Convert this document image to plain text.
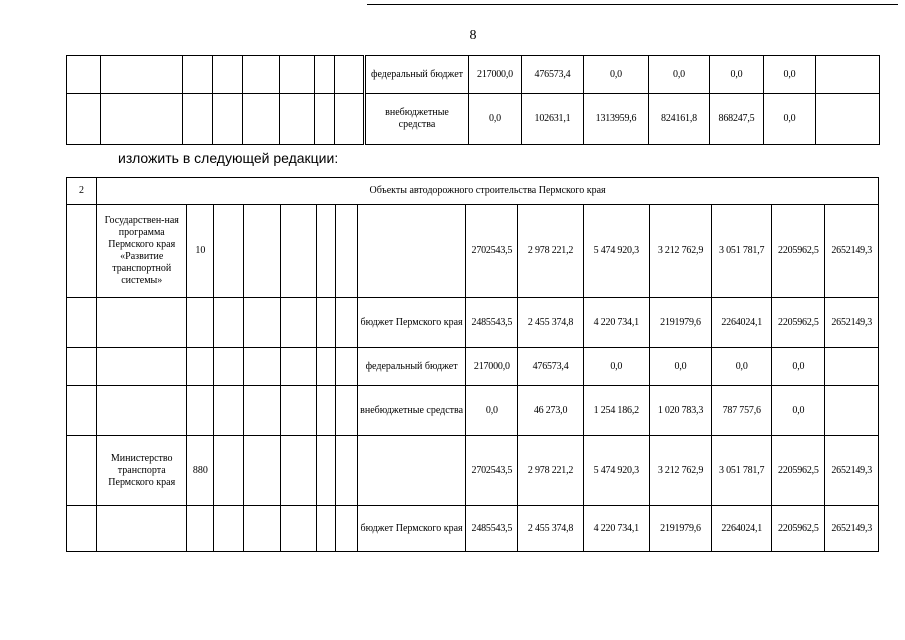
8
								федеральный бюджет	217000,0	476573,4	0,0	0,0	0,0	0,0	
								внебюджетные средства	0,0	102631,1	1313959,6	824161,8	868247,5	0,0	
изложить в следующей редакции:
2	Объекты автодорожного строительства Пермского края														
	Государствен-ная программа Пермского края «Развитие транспортной системы»	10							2702543,5	2 978 221,2	5 474 920,3	3 212 762,9	3 051 781,7	2205962,5	2652149,3
								бюджет Пермского края	2485543,5	2 455 374,8	4 220 734,1	2191979,6	2264024,1	2205962,5	2652149,3
								федеральный бюджет	217000,0	476573,4	0,0	0,0	0,0	0,0	
								внебюджетные средства	0,0	46 273,0	1 254 186,2	1 020 783,3	787 757,6	0,0	
	Министерство транспорта Пермского края	880							2702543,5	2 978 221,2	5 474 920,3	3 212 762,9	3 051 781,7	2205962,5	2652149,3
								бюджет Пермского края	2485543,5	2 455 374,8	4 220 734,1	2191979,6	2264024,1	2205962,5	2652149,3
